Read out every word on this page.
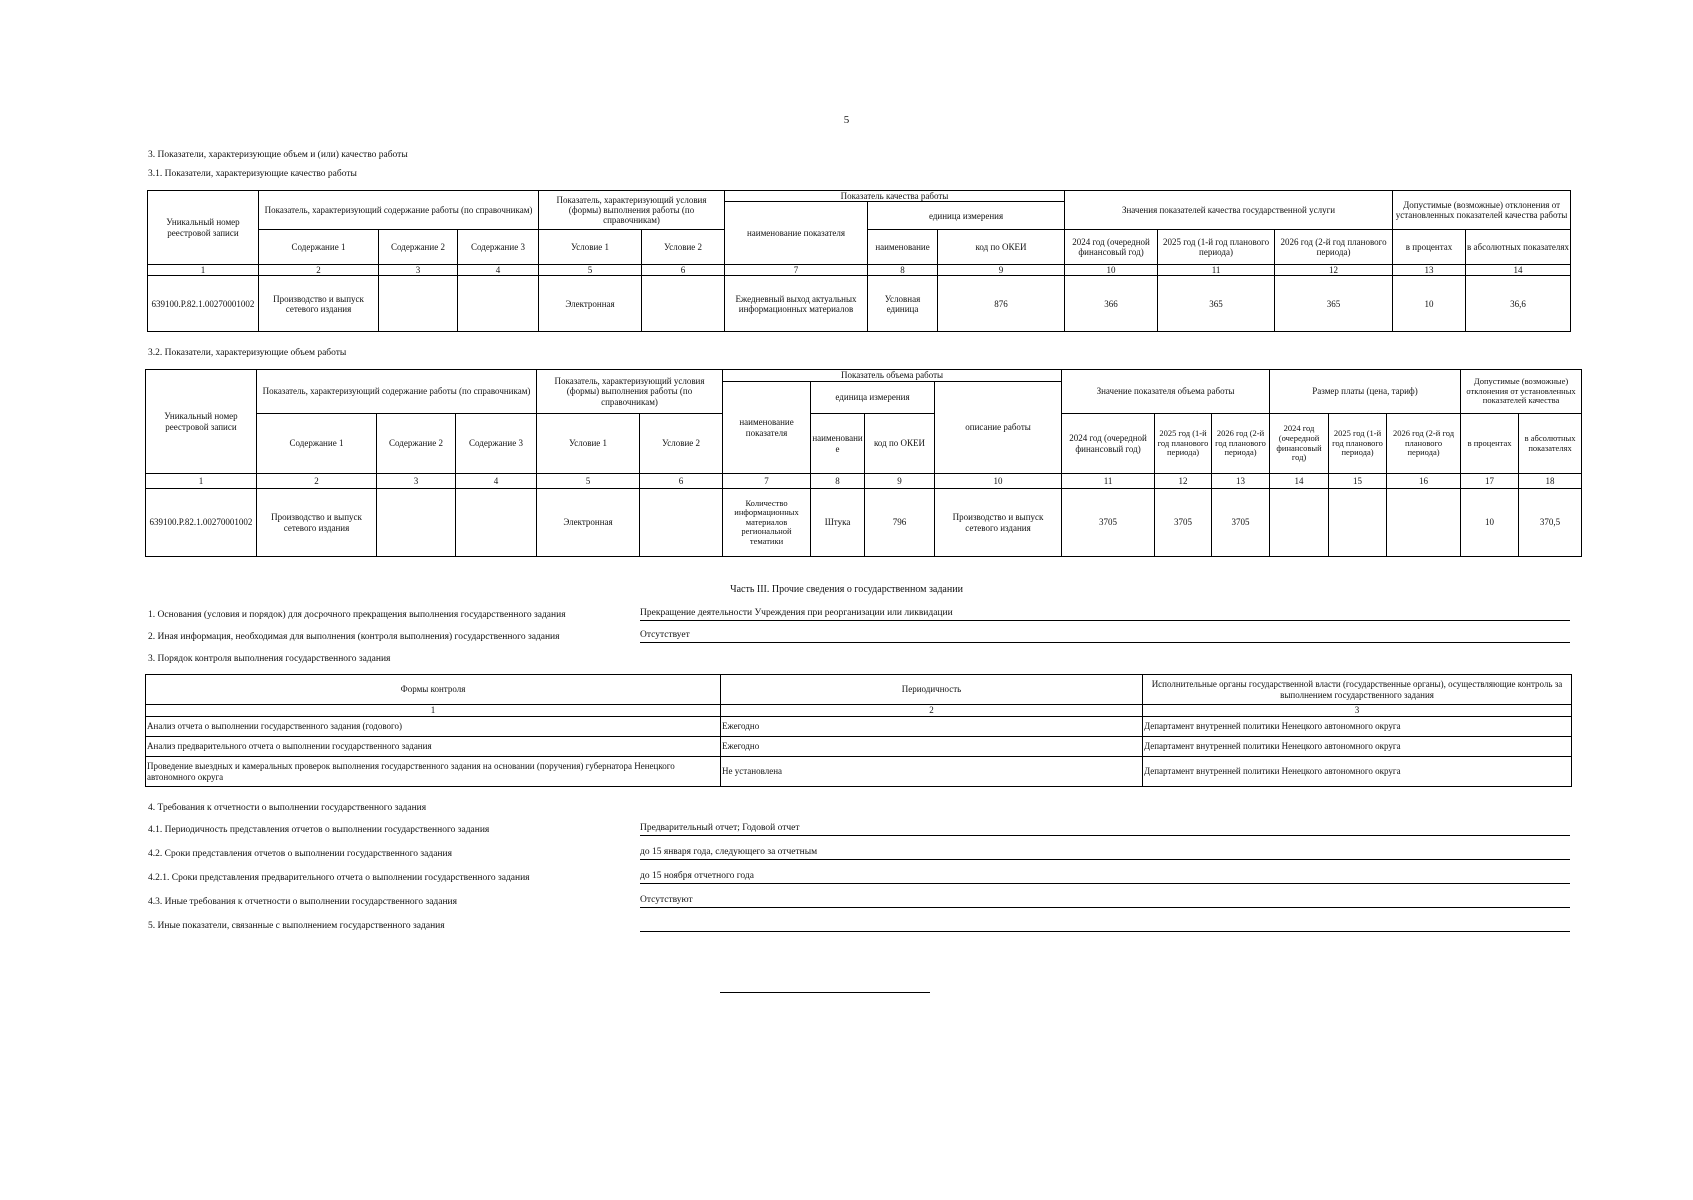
5
3. Показатели, характеризующие объем и (или) качество работы
3.1. Показатели, характеризующие качество работы
Уникальный номер реестровой записи	Показатель, характеризующий содержание работы (по справочникам)			Показатель, характеризующий условия (формы) выполнения работы (по справочникам)		Показатель качества работы			Значения показателей качества государственной услуги			Допустимые (возможные) отклонения от установленных показателей качества работы	
						наименование показателя	единица измерения						
	Содержание 1	Содержание 2	Содержание 3	Условие 1	Условие 2		наименование	код по ОКЕИ	2024 год (очередной финансовый год)	2025 год (1-й год планового периода)	2026 год (2-й год планового периода)	в процентах	в абсолютных показателях
1	2	3	4	5	6	7	8	9	10	11	12	13	14
639100.Р.82.1.00270001002	Производство и выпуск сетевого издания			Электронная		Ежедневный выход актуальных информационных материалов	Условная единица	876	366	365	365	10	36,6
3.2. Показатели, характеризующие объем работы
Уникальный номер реестровой записи	Показатель, характеризующий содержание работы (по справочникам)			Показатель, характеризующий условия (формы) выполнения работы (по справочникам)		Показатель объема работы				Значение показателя объема работы			Размер платы (цена, тариф)			Допустимые (возможные) отклонения от установленных показателей качества	
						наименование показателя	единица измерения		описание работы								
	Содержание 1	Содержание 2	Содержание 3	Условие 1	Условие 2		наименование	код по ОКЕИ		2024 год (очередной финансовый год)	2025 год (1-й год планового периода)	2026 год (2-й год планового периода)	2024 год (очередной финансовый год)	2025 год (1-й год планового периода)	2026 год (2-й год планового периода)	в процентах	в абсолютных показателях
1	2	3	4	5	6	7	8	9	10	11	12	13	14	15	16	17	18
639100.Р.82.1.00270001002	Производство и выпуск сетевого издания			Электронная		Количество информационных материалов региональной тематики	Штука	796	Производство и выпуск сетевого издания	3705	3705	3705				10	370,5
Часть III. Прочие сведения о государственном задании
1. Основания (условия и порядок) для досрочного прекращения выполнения государственного задания	Прекращение деятельности Учреждения при реорганизации или ликвидации
2. Иная информация, необходимая для выполнения (контроля выполнения) государственного задания	Отсутствует
3. Порядок контроля выполнения государственного задания
Формы контроля	Периодичность	Исполнительные органы государственной власти (государственные органы), осуществляющие контроль за выполнением государственного задания
1	2	3
Анализ отчета о выполнении государственного задания (годового)	Ежегодно	Департамент внутренней политики Ненецкого автономного округа
Анализ предварительного отчета о выполнении государственного задания	Ежегодно	Департамент внутренней политики Ненецкого автономного округа
Проведение выездных и камеральных проверок выполнения государственного задания на основании (поручения) губернатора Ненецкого автономного округа	Не установлена	Департамент внутренней политики Ненецкого автономного округа
4. Требования к отчетности о выполнении государственного задания
4.1. Периодичность представления отчетов о выполнении государственного задания	Предварительный отчет; Годовой отчет
4.2. Сроки представления отчетов о выполнении государственного задания	до 15 января года, следующего за отчетным
4.2.1. Сроки представления предварительного отчета о выполнении государственного задания	до 15 ноября отчетного года
4.3. Иные требования к отчетности о выполнении государственного задания	Отсутствуют
5. Иные показатели, связанные с выполнением государственного задания
